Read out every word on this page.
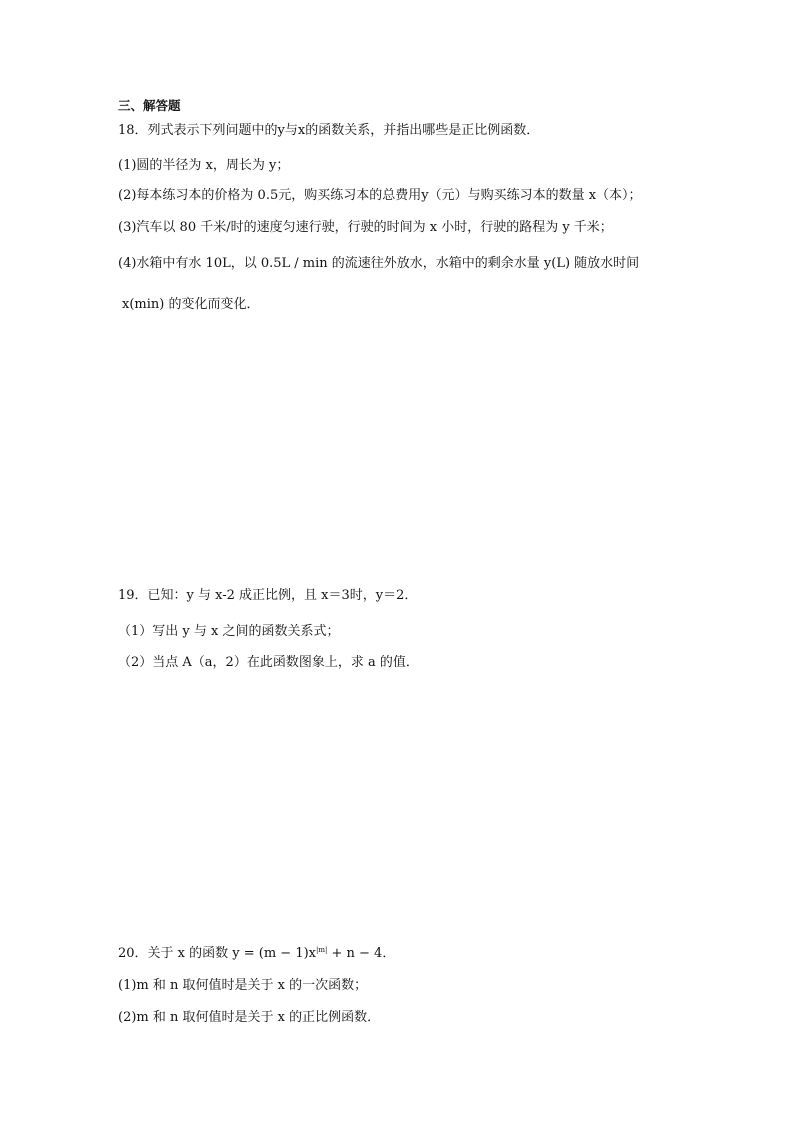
三、解答题
18．列式表示下列问题中的y与x的函数关系，并指出哪些是正比例函数．
(1)圆的半径为 x，周长为 y；
(2)每本练习本的价格为 0.5元，购买练习本的总费用y（元）与购买练习本的数量 x（本）；
(3)汽车以 80 千米/时的速度匀速行驶，行驶的时间为 x 小时，行驶的路程为 y 千米；
(4)水箱中有水 10L，以 0.5L / min 的流速往外放水，水箱中的剩余水量 y(L) 随放水时间
x(min) 的变化而变化．
19．已知：y 与 x-2 成正比例，且 x＝3时，y＝2．
（1）写出 y 与 x 之间的函数关系式；
（2）当点 A（a，2）在此函数图象上，求 a 的值．
20．关于 x 的函数 $y = (m - 1)x^{|m|} + n - 4$．
(1)m 和 n 取何值时是关于 x 的一次函数；
(2)m 和 n 取何值时是关于 x 的正比例函数．
